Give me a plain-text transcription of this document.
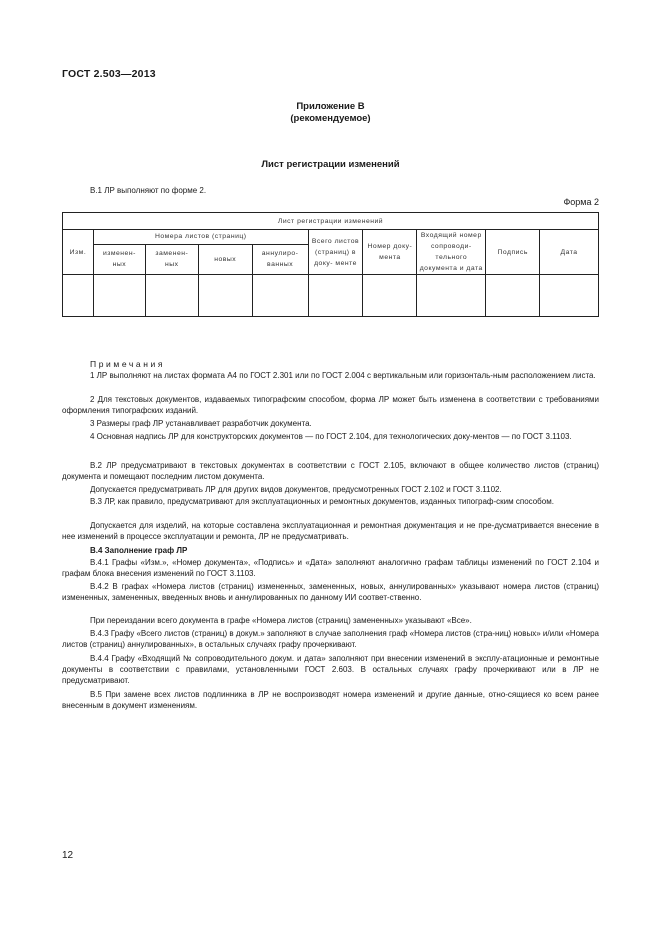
ГОСТ 2.503—2013
Приложение В
(рекомендуемое)
Лист регистрации изменений
В.1 ЛР выполняют по форме 2.
Форма 2
Лист регистрации изменений									
Изм.	Номера листов (страниц)				Всего листов (страниц) в доку- менте	Номер доку- мента	Входящий номер сопроводи- тельного документа и дата	Подпись	Дата
	изменен- ных	заменен- ных	новых	аннулиро- ванных					

Примечания
1 ЛР выполняют на листах формата А4 по ГОСТ 2.301 или по ГОСТ 2.004 с вертикальным или горизонталь-ным расположением листа.
2 Для текстовых документов, издаваемых типографским способом, форма ЛР может быть изменена в соответствии с требованиями оформления типографских изданий.
3 Размеры граф ЛР устанавливает разработчик документа.
4 Основная надпись ЛР для конструкторских документов — по ГОСТ 2.104, для технологических доку-ментов — по ГОСТ 3.1103.
В.2 ЛР предусматривают в текстовых документах в соответствии с ГОСТ 2.105, включают в общее количество листов (страниц) документа и помещают последним листом документа.
Допускается предусматривать ЛР для других видов документов, предусмотренных ГОСТ 2.102 и ГОСТ 3.1102.
В.3 ЛР, как правило, предусматривают для эксплуатационных и ремонтных документов, изданных типограф-ским способом.
Допускается для изделий, на которые составлена эксплуатационная и ремонтная документация и не пре-дусматривается внесение в нее изменений в процессе эксплуатации и ремонта, ЛР не предусматривать.
В.4 Заполнение граф ЛР
В.4.1 Графы «Изм.», «Номер документа», «Подпись» и «Дата» заполняют аналогично графам таблицы изменений по ГОСТ 2.104 и графам блока внесения изменений по ГОСТ 3.1103.
В.4.2 В графах «Номера листов (страниц) измененных, замененных, новых, аннулированных» указывают номера листов (страниц) измененных, замененных, введенных вновь и аннулированных по данному ИИ соответ-ственно.
При переиздании всего документа в графе «Номера листов (страниц) замененных» указывают «Все».
В.4.3 Графу «Всего листов (страниц) в докум.» заполняют в случае заполнения граф «Номера листов (стра-ниц) новых» и/или «Номера листов (страниц) аннулированных», в остальных случаях графу прочеркивают.
В.4.4 Графу «Входящий № сопроводительного докум. и дата» заполняют при внесении изменений в эксплу-атационные и ремонтные документы в соответствии с правилами, установленными ГОСТ 2.603. В остальных случаях графу прочеркивают или в ЛР не предусматривают.
В.5 При замене всех листов подлинника в ЛР не воспроизводят номера изменений и другие данные, отно-сящиеся ко всем ранее внесенным в документ изменениям.
12
